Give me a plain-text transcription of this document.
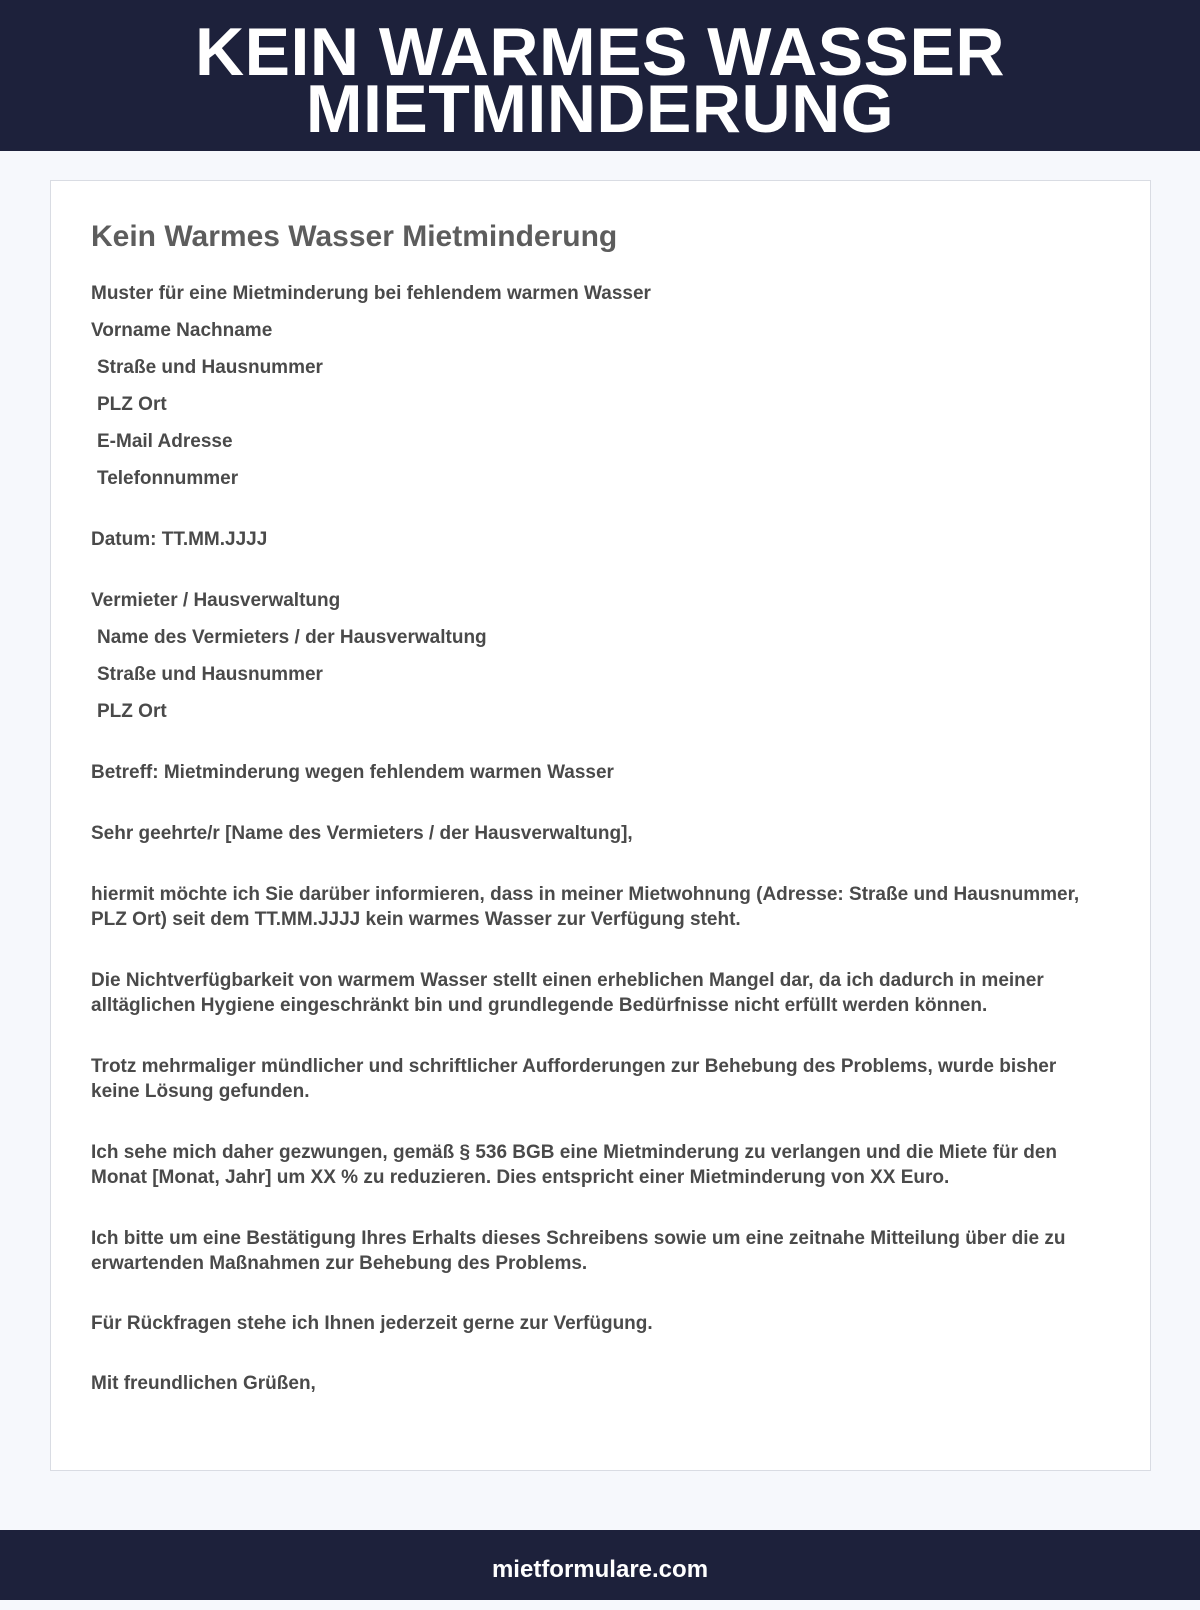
KEIN WARMES WASSER
MIETMINDERUNG
Kein Warmes Wasser Mietminderung

Muster für eine Mietminderung bei fehlendem warmen Wasser

Vorname Nachname

Straße und Hausnummer

PLZ Ort

E-Mail Adresse

Telefonnummer

Datum: TT.MM.JJJJ

Vermieter / Hausverwaltung

Name des Vermieters / der Hausverwaltung

Straße und Hausnummer

PLZ Ort

Betreff: Mietminderung wegen fehlendem warmen Wasser

Sehr geehrte/r [Name des Vermieters / der Hausverwaltung],

hiermit möchte ich Sie darüber informieren, dass in meiner Mietwohnung (Adresse: Straße und Hausnummer, PLZ Ort) seit dem TT.MM.JJJJ kein warmes Wasser zur Verfügung steht.

Die Nichtverfügbarkeit von warmem Wasser stellt einen erheblichen Mangel dar, da ich dadurch in meiner alltäglichen Hygiene eingeschränkt bin und grundlegende Bedürfnisse nicht erfüllt werden können.

Trotz mehrmaliger mündlicher und schriftlicher Aufforderungen zur Behebung des Problems, wurde bisher keine Lösung gefunden.

Ich sehe mich daher gezwungen, gemäß § 536 BGB eine Mietminderung zu verlangen und die Miete für den Monat [Monat, Jahr] um XX % zu reduzieren. Dies entspricht einer Mietminderung von XX Euro.

Ich bitte um eine Bestätigung Ihres Erhalts dieses Schreibens sowie um eine zeitnahe Mitteilung über die zu erwartenden Maßnahmen zur Behebung des Problems.

Für Rückfragen stehe ich Ihnen jederzeit gerne zur Verfügung.

Mit freundlichen Grüßen,

mietformulare.com
